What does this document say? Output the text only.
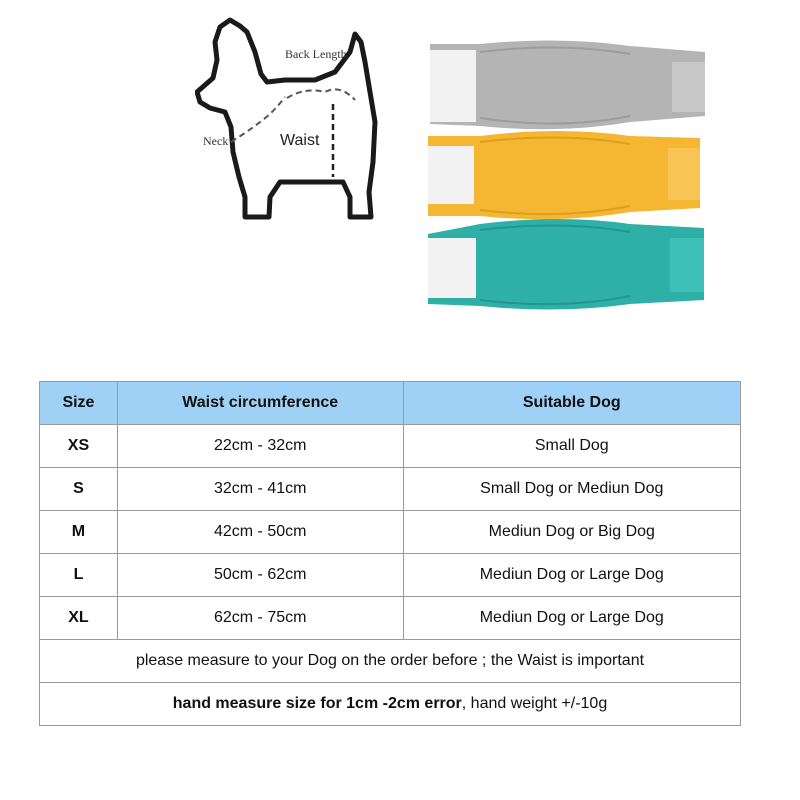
Back Length
Neck	Waist
Size	Waist circumference	Suitable Dog
XS	22cm - 32cm	Small Dog
S	32cm - 41cm	Small Dog or Mediun Dog
M	42cm - 50cm	Mediun Dog or Big Dog
L	50cm - 62cm	Mediun Dog or Large Dog
XL	62cm - 75cm	Mediun Dog or Large Dog
please measure to your Dog on the order before ; the Waist is important		
hand measure size for 1cm -2cm error, hand weight +/-10g		
